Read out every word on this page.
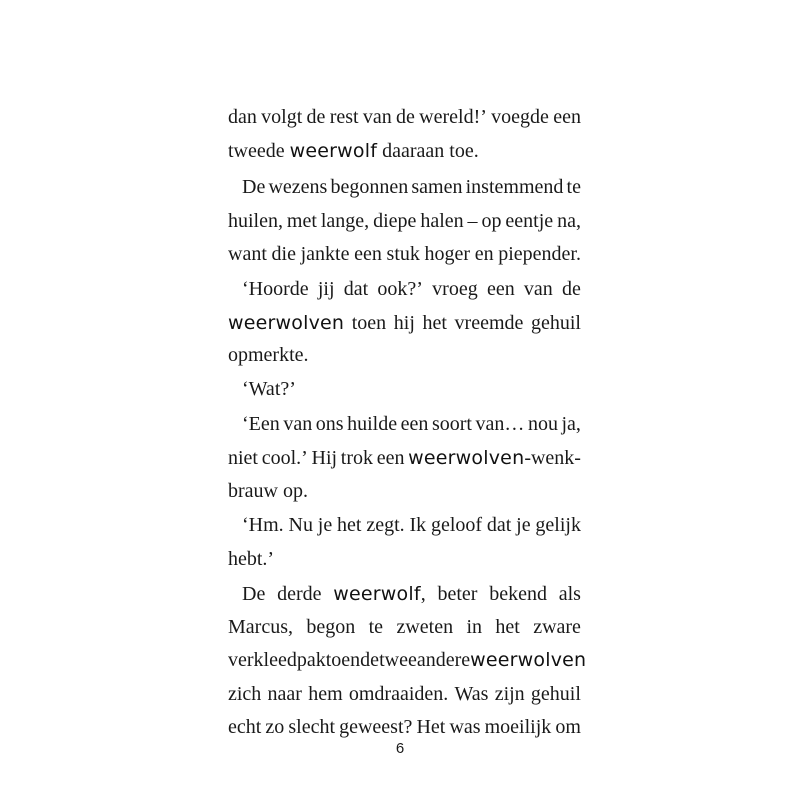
dan volgt de rest van de wereld!’ voegde een
tweede weerwolf daaraan toe.
De wezens begonnen samen instemmend te
huilen, met lange, diepe halen – op eentje na,
want die jankte een stuk hoger en piepender.
‘Hoorde jij dat ook?’ vroeg een van de
weerwolven toen hij het vreemde gehuil
opmerkte.
‘Wat?’
‘Een van ons huilde een soort van… nou ja,
niet cool.’ Hij trok een weerwolven-wenk-
brauw op.
‘Hm. Nu je het zegt. Ik geloof dat je gelijk
hebt.’
De derde weerwolf, beter bekend als
Marcus, begon te zweten in het zware
verkleedpak toen de twee andere weerwolven
zich naar hem omdraaiden. Was zijn gehuil
echt zo slecht geweest? Het was moeilijk om
6
